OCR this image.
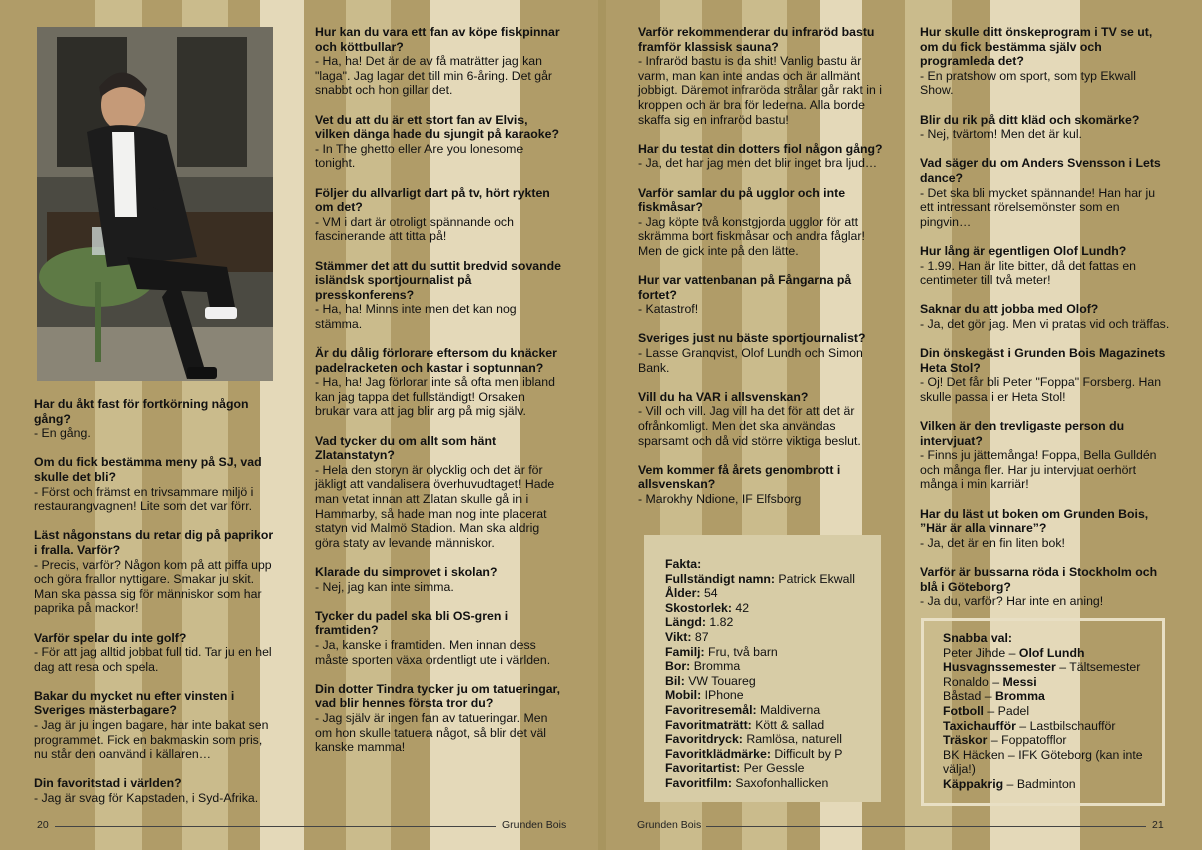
Har du åkt fast för fortkörning någon gång?
- En gång.
Om du fick bestämma meny på SJ, vad skulle det bli?
- Först och främst en trivsammare miljö i restaurangvagnen! Lite som det var förr.
Läst någonstans du retar dig på paprikor i fralla. Varför?
- Precis, varför? Någon kom på att piffa upp och göra frallor nyttigare. Smakar ju skit. Man ska passa sig för människor som har paprika på mackor!
Varför spelar du inte golf?
- För att jag alltid jobbat full tid. Tar ju en hel dag att resa och spela.
Bakar du mycket nu efter vinsten i Sveriges mästerbagare?
- Jag är ju ingen bagare, har inte bakat sen programmet. Fick en bakmaskin som pris, nu står den oanvänd i källaren…
Din favoritstad i världen?
- Jag är svag för Kapstaden, i Syd-Afrika.
Hur kan du vara ett fan av köpe fiskpinnar och köttbullar?
- Ha, ha! Det är de av få maträtter jag kan "laga". Jag lagar det till min 6-åring. Det går snabbt och hon gillar det.
Vet du att du är ett stort fan av Elvis, vilken dänga hade du sjungit på karaoke?
- In The ghetto eller Are you lonesome tonight.
Följer du allvarligt dart på tv, hört rykten om det?
- VM i dart är otroligt spännande och fascinerande att titta på!
Stämmer det att du suttit bredvid sovande isländsk sportjournalist på presskonferens?
- Ha, ha! Minns inte men det kan nog stämma.
Är du dålig förlorare eftersom du knäcker padelracketen och kastar i soptunnan?
- Ha, ha! Jag förlorar inte så ofta men ibland kan jag tappa det fullständigt! Orsaken brukar vara att jag blir arg på mig själv.
Vad tycker du om allt som hänt Zlatanstatyn?
- Hela den storyn är olycklig och det är för jäkligt att vandalisera överhuvudtaget! Hade man vetat innan att Zlatan skulle gå in i Hammarby, så hade man nog inte placerat statyn vid Malmö Stadion. Man ska aldrig göra staty av levande människor.
Klarade du simprovet i skolan?
- Nej, jag kan inte simma.
Tycker du padel ska bli OS-gren i framtiden?
- Ja, kanske i framtiden. Men innan dess måste sporten växa ordentligt ute i världen.
Din dotter Tindra tycker ju om tatueringar, vad blir hennes första tror du?
- Jag själv är ingen fan av tatueringar. Men om hon skulle tatuera något, så blir det väl kanske mamma!
Varför rekommenderar du infraröd bastu framför klassisk sauna?
- Infraröd bastu is da shit! Vanlig bastu är varm, man kan inte andas och är allmänt jobbigt. Däremot infraröda strålar går rakt in i kroppen och är bra för lederna. Alla borde skaffa sig en infraröd bastu!
Har du testat din dotters fiol någon gång?
- Ja, det har jag men det blir inget bra ljud…
Varför samlar du på ugglor och inte fiskmåsar?
- Jag köpte två konstgjorda ugglor för att skrämma bort fiskmåsar och andra fåglar! Men de gick inte på den lätte.
Hur var vattenbanan på Fångarna på fortet?
- Katastrof!
Sveriges just nu bäste sportjournalist?
- Lasse Granqvist, Olof Lundh och Simon Bank.
Vill du ha VAR i allsvenskan?
- Vill och vill. Jag vill ha det för att det är ofrånkomligt. Men det ska användas sparsamt och då vid större viktiga beslut.
Vem kommer få årets genombrott i allsvenskan?
- Marokhy Ndione, IF Elfsborg
Hur skulle ditt önskeprogram i TV se ut, om du fick bestämma själv och programleda det?
- En pratshow om sport, som typ Ekwall Show.
Blir du rik på ditt kläd och skomärke?
- Nej, tvärtom! Men det är kul.
Vad säger du om Anders Svensson i Lets dance?
- Det ska bli mycket spännande! Han har ju ett intressant rörelsemönster som en pingvin…
Hur lång är egentligen Olof Lundh?
- 1.99. Han är lite bitter, då det fattas en centimeter till två meter!
Saknar du att jobba med Olof?
- Ja, det gör jag. Men vi pratas vid och träffas.
Din önskegäst i Grunden Bois Magazinets Heta Stol?
- Oj! Det får bli Peter "Foppa" Forsberg. Han skulle passa i er Heta Stol!
Vilken är den trevligaste person du intervjuat?
- Finns ju jättemånga! Foppa, Bella Gulldén och många fler. Har ju intervjuat oerhört många i min karriär!
Har du läst ut boken om Grunden Bois, ”Här är alla vinnare”?
- Ja, det är en fin liten bok!
Varför är bussarna röda i Stockholm och blå i Göteborg?
- Ja du, varför? Har inte en aning!
Fakta:
Fullständigt namn: Patrick Ekwall
Ålder: 54
Skostorlek: 42
Längd: 1.82
Vikt: 87
Familj: Fru, två barn
Bor: Bromma
Bil: VW Touareg
Mobil: IPhone
Favoritresemål: Maldiverna
Favoritmaträtt: Kött & sallad
Favoritdryck: Ramlösa, naturell
Favoritklädmärke: Difficult by P
Favoritartist: Per Gessle
Favoritfilm: Saxofonhallicken
Snabba val:
Peter Jihde – Olof Lundh
Husvagnssemester – Tältsemester
Ronaldo – Messi
Båstad – Bromma
Fotboll – Padel
Taxichaufför – Lastbilschaufför
Träskor – Foppatofflor
BK Häcken – IFK Göteborg (kan inte välja!)
Käppakrig – Badminton
20	Grunden Bois	Grunden Bois	21
